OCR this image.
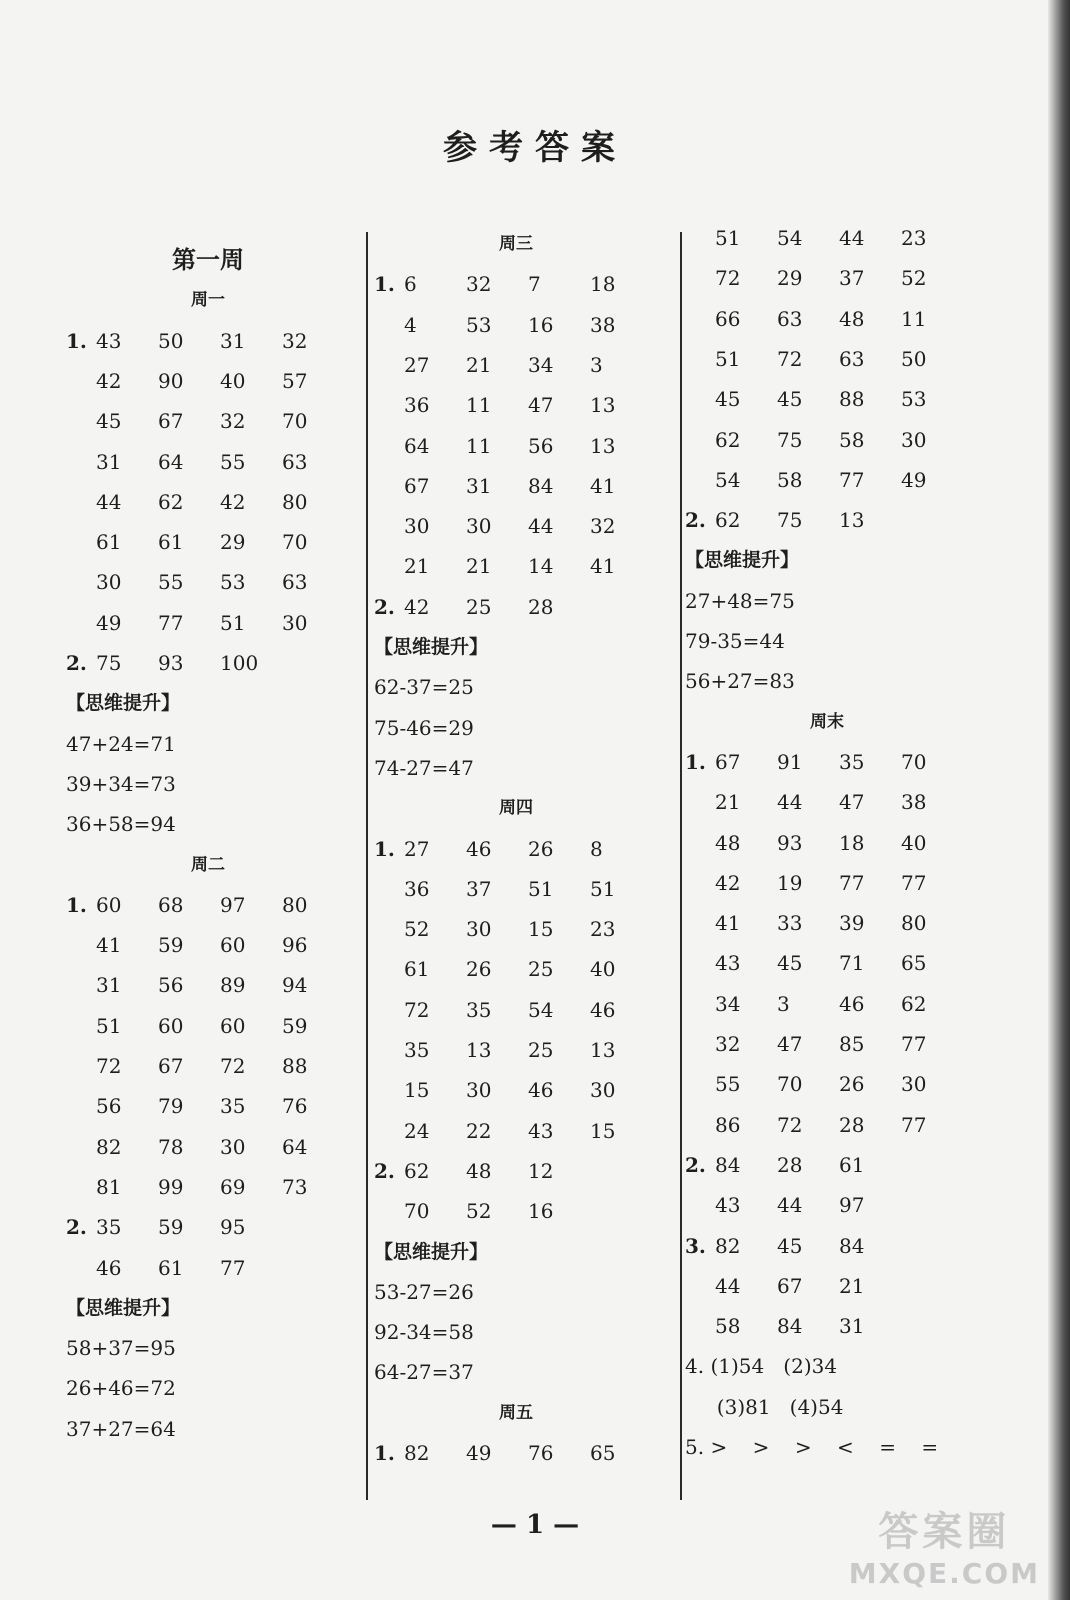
参考答案
第一周
周一
1. 43 50 31 32
42 90 40 57
45 67 32 70
31 64 55 63
44 62 42 80
61 61 29 70
30 55 53 63
49 77 51 30
2. 75 93 100
【思维提升】
47+24=71
39+34=73
36+58=94
周二
1. 60 68 97 80
41 59 60 96
31 56 89 94
51 60 60 59
72 67 72 88
56 79 35 76
82 78 30 64
81 99 69 73
2. 35 59 95
46 61 77
【思维提升】
58+37=95
26+46=72
37+27=64
周三
1. 6 32 7 18
4 53 16 38
27 21 34 3
36 11 47 13
64 11 56 13
67 31 84 41
30 30 44 32
21 21 14 41
2. 42 25 28
【思维提升】
62-37=25
75-46=29
74-27=47
周四
1. 27 46 26 8
36 37 51 51
52 30 15 23
61 26 25 40
72 35 54 46
35 13 25 13
15 30 46 30
24 22 43 15
2. 62 48 12
70 52 16
【思维提升】
53-27=26
92-34=58
64-27=37
周五
1. 82 49 76 65
51 54 44 23
72 29 37 52
66 63 48 11
51 72 63 50
45 45 88 53
62 75 58 30
54 58 77 49
2. 62 75 13
【思维提升】
27+48=75
79-35=44
56+27=83
周末
1. 67 91 35 70
21 44 47 38
48 93 18 40
42 19 77 77
41 33 39 80
43 45 71 65
34 3 46 62
32 47 85 77
55 70 26 30
86 72 28 77
2. 84 28 61
43 44 97
3. 82 45 84
44 67 21
58 84 31
4. (1)54   (2)34
(3)81   (4)54
5. >    >    >    <    =    =
— 1 —	答案圈
MXQE.COM
